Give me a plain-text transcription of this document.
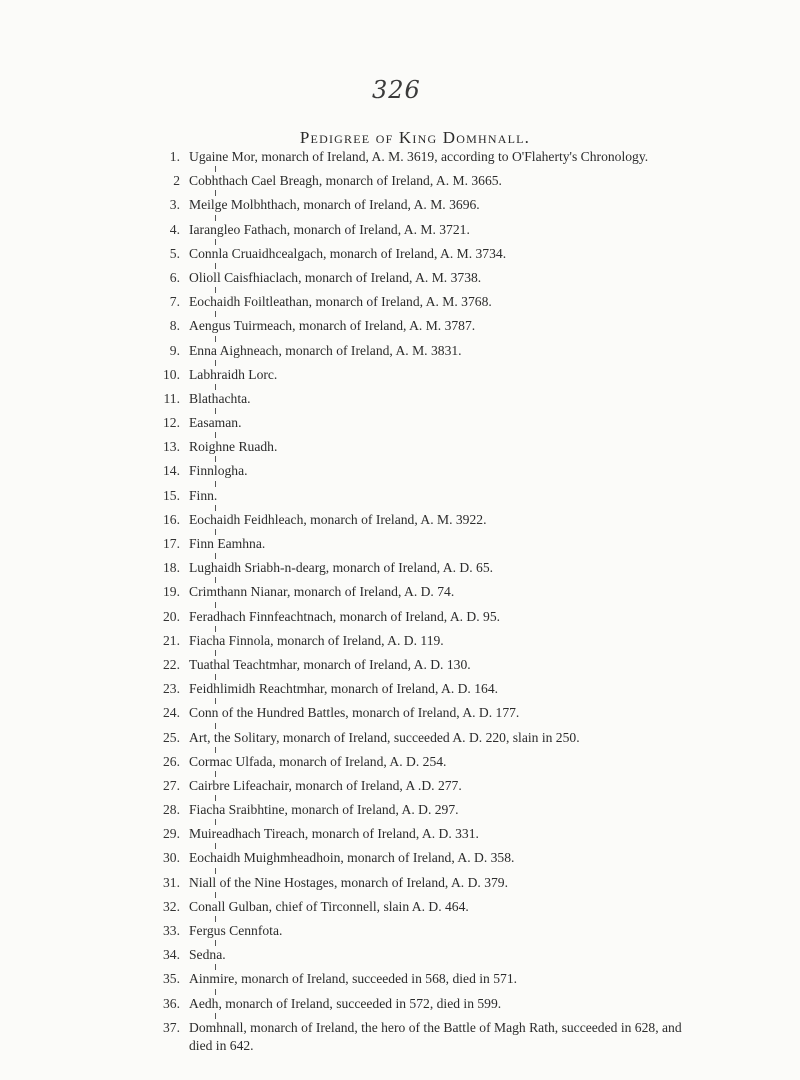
326
Pedigree of King Domhnall.
1. Ugaine Mor, monarch of Ireland, A. M. 3619, according to O'Flaherty's Chronology.
2 Cobhthach Cael Breagh, monarch of Ireland, A. M. 3665.
3. Meilge Molbhthach, monarch of Ireland, A. M. 3696.
4. Iarangleo Fathach, monarch of Ireland, A. M. 3721.
5. Connla Cruaidhcealgach, monarch of Ireland, A. M. 3734.
6. Olioll Caisfhiaclach, monarch of Ireland, A. M. 3738.
7. Eochaidh Foiltleathan, monarch of Ireland, A. M. 3768.
8. Aengus Tuirmeach, monarch of Ireland, A. M. 3787.
9. Enna Aighneach, monarch of Ireland, A. M. 3831.
10. Labhraidh Lorc.
11. Blathachta.
12. Easaman.
13. Roighne Ruadh.
14. Finnlogha.
15. Finn.
16. Eochaidh Feidhleach, monarch of Ireland, A. M. 3922.
17. Finn Eamhna.
18. Lughaidh Sriabh-n-dearg, monarch of Ireland, A. D. 65.
19. Crimthann Nianar, monarch of Ireland, A. D. 74.
20. Feradhach Finnfeachtnach, monarch of Ireland, A. D. 95.
21. Fiacha Finnola, monarch of Ireland, A. D. 119.
22. Tuathal Teachtmhar, monarch of Ireland, A. D. 130.
23. Feidhlimidh Reachtmhar, monarch of Ireland, A. D. 164.
24. Conn of the Hundred Battles, monarch of Ireland, A. D. 177.
25. Art, the Solitary, monarch of Ireland, succeeded A. D. 220, slain in 250.
26. Cormac Ulfada, monarch of Ireland, A. D. 254.
27. Cairbre Lifeachair, monarch of Ireland, A .D. 277.
28. Fiacha Sraibhtine, monarch of Ireland, A. D. 297.
29. Muireadhach Tireach, monarch of Ireland, A. D. 331.
30. Eochaidh Muighmheadhoin, monarch of Ireland, A. D. 358.
31. Niall of the Nine Hostages, monarch of Ireland, A. D. 379.
32. Conall Gulban, chief of Tirconnell, slain A. D. 464.
33. Fergus Cennfota.
34. Sedna.
35. Ainmire, monarch of Ireland, succeeded in 568, died in 571.
36. Aedh, monarch of Ireland, succeeded in 572, died in 599.
37. Domhnall, monarch of Ireland, the hero of the Battle of Magh Rath, succeeded in 628, and died in 642.
